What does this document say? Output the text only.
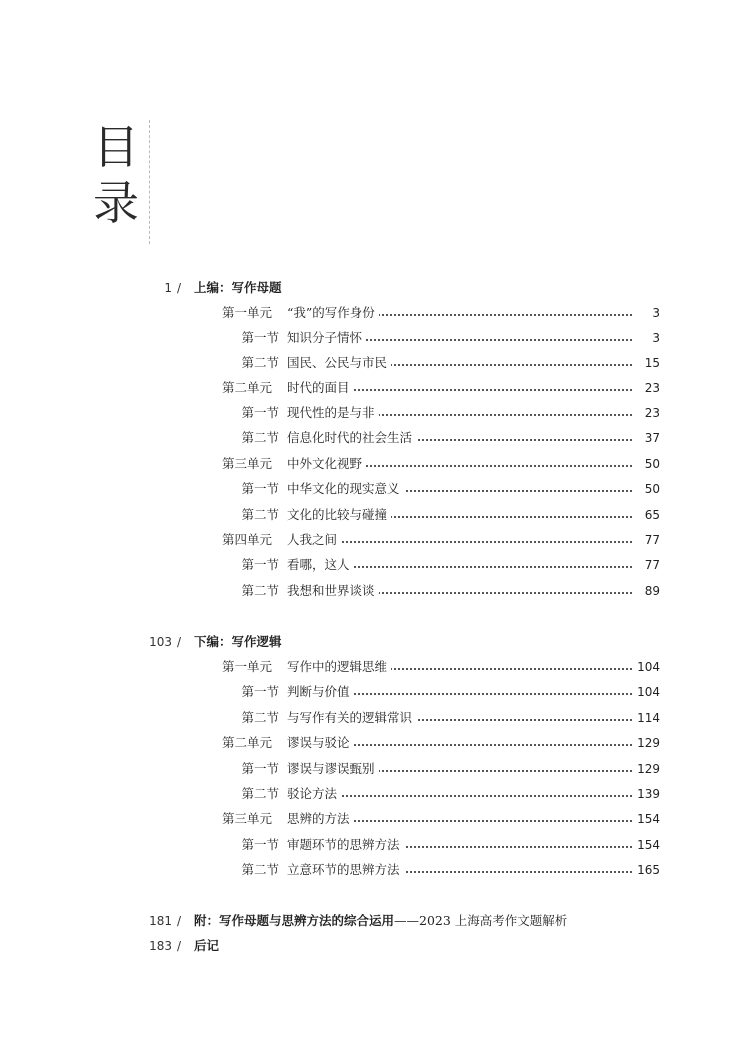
目
录
1 / 上编：写作母题
第一单元 “我”的写作身份	3
第一节 知识分子情怀	3
第二节 国民、公民与市民	15
第二单元 时代的面目	23
第一节 现代性的是与非	23
第二节 信息化时代的社会生活	37
第三单元 中外文化视野	50
第一节 中华文化的现实意义	50
第二节 文化的比较与碰撞	65
第四单元 人我之间	77
第一节 看哪，这人	77
第二节 我想和世界谈谈	89
103 / 下编：写作逻辑
第一单元 写作中的逻辑思维	104
第一节 判断与价值	104
第二节 与写作有关的逻辑常识	114
第二单元 谬误与驳论	129
第一节 谬误与谬误甄别	129
第二节 驳论方法	139
第三单元 思辨的方法	154
第一节 审题环节的思辨方法	154
第二节 立意环节的思辨方法	165
181 / 附：写作母题与思辨方法的综合运用——2023 上海高考作文题解析
183 / 后记
